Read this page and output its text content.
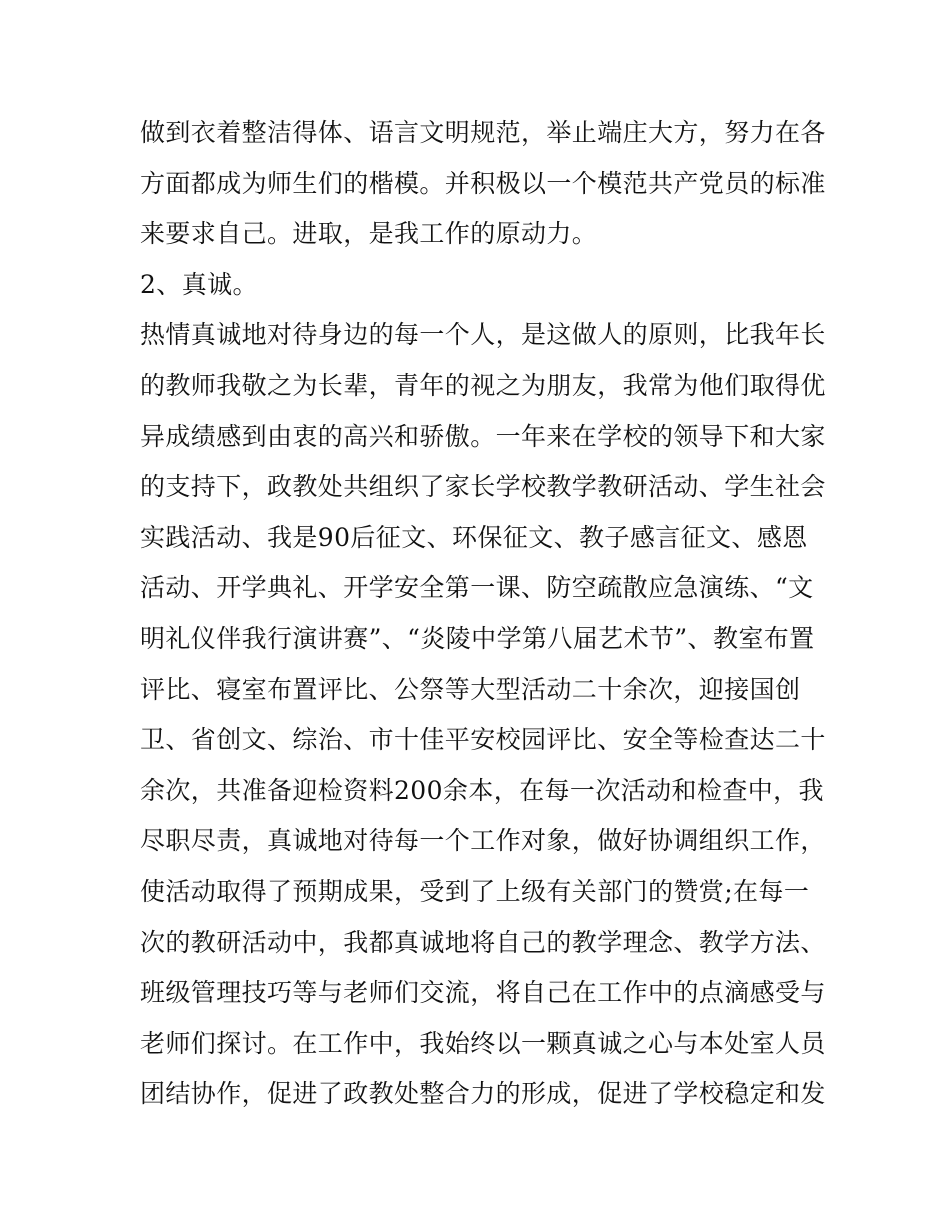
做到衣着整洁得体、语言文明规范，举止端庄大方，努力在各
方面都成为师生们的楷模。并积极以一个模范共产党员的标准
来要求自己。进取，是我工作的原动力。
2、真诚。
热情真诚地对待身边的每一个人，是这做人的原则，比我年长
的教师我敬之为长辈，青年的视之为朋友，我常为他们取得优
异成绩感到由衷的高兴和骄傲。一年来在学校的领导下和大家
的支持下，政教处共组织了家长学校教学教研活动、学生社会
实践活动、我是90后征文、环保征文、教子感言征文、感恩
活动、开学典礼、开学安全第一课、防空疏散应急演练、“文
明礼仪伴我行演讲赛”、“炎陵中学第八届艺术节”、教室布置
评比、寝室布置评比、公祭等大型活动二十余次，迎接国创
卫、省创文、综治、市十佳平安校园评比、安全等检查达二十
余次，共准备迎检资料200余本，在每一次活动和检查中，我
尽职尽责，真诚地对待每一个工作对象，做好协调组织工作，
使活动取得了预期成果，受到了上级有关部门的赞赏;在每一
次的教研活动中，我都真诚地将自己的教学理念、教学方法、
班级管理技巧等与老师们交流，将自己在工作中的点滴感受与
老师们探讨。在工作中，我始终以一颗真诚之心与本处室人员
团结协作，促进了政教处整合力的形成，促进了学校稳定和发
